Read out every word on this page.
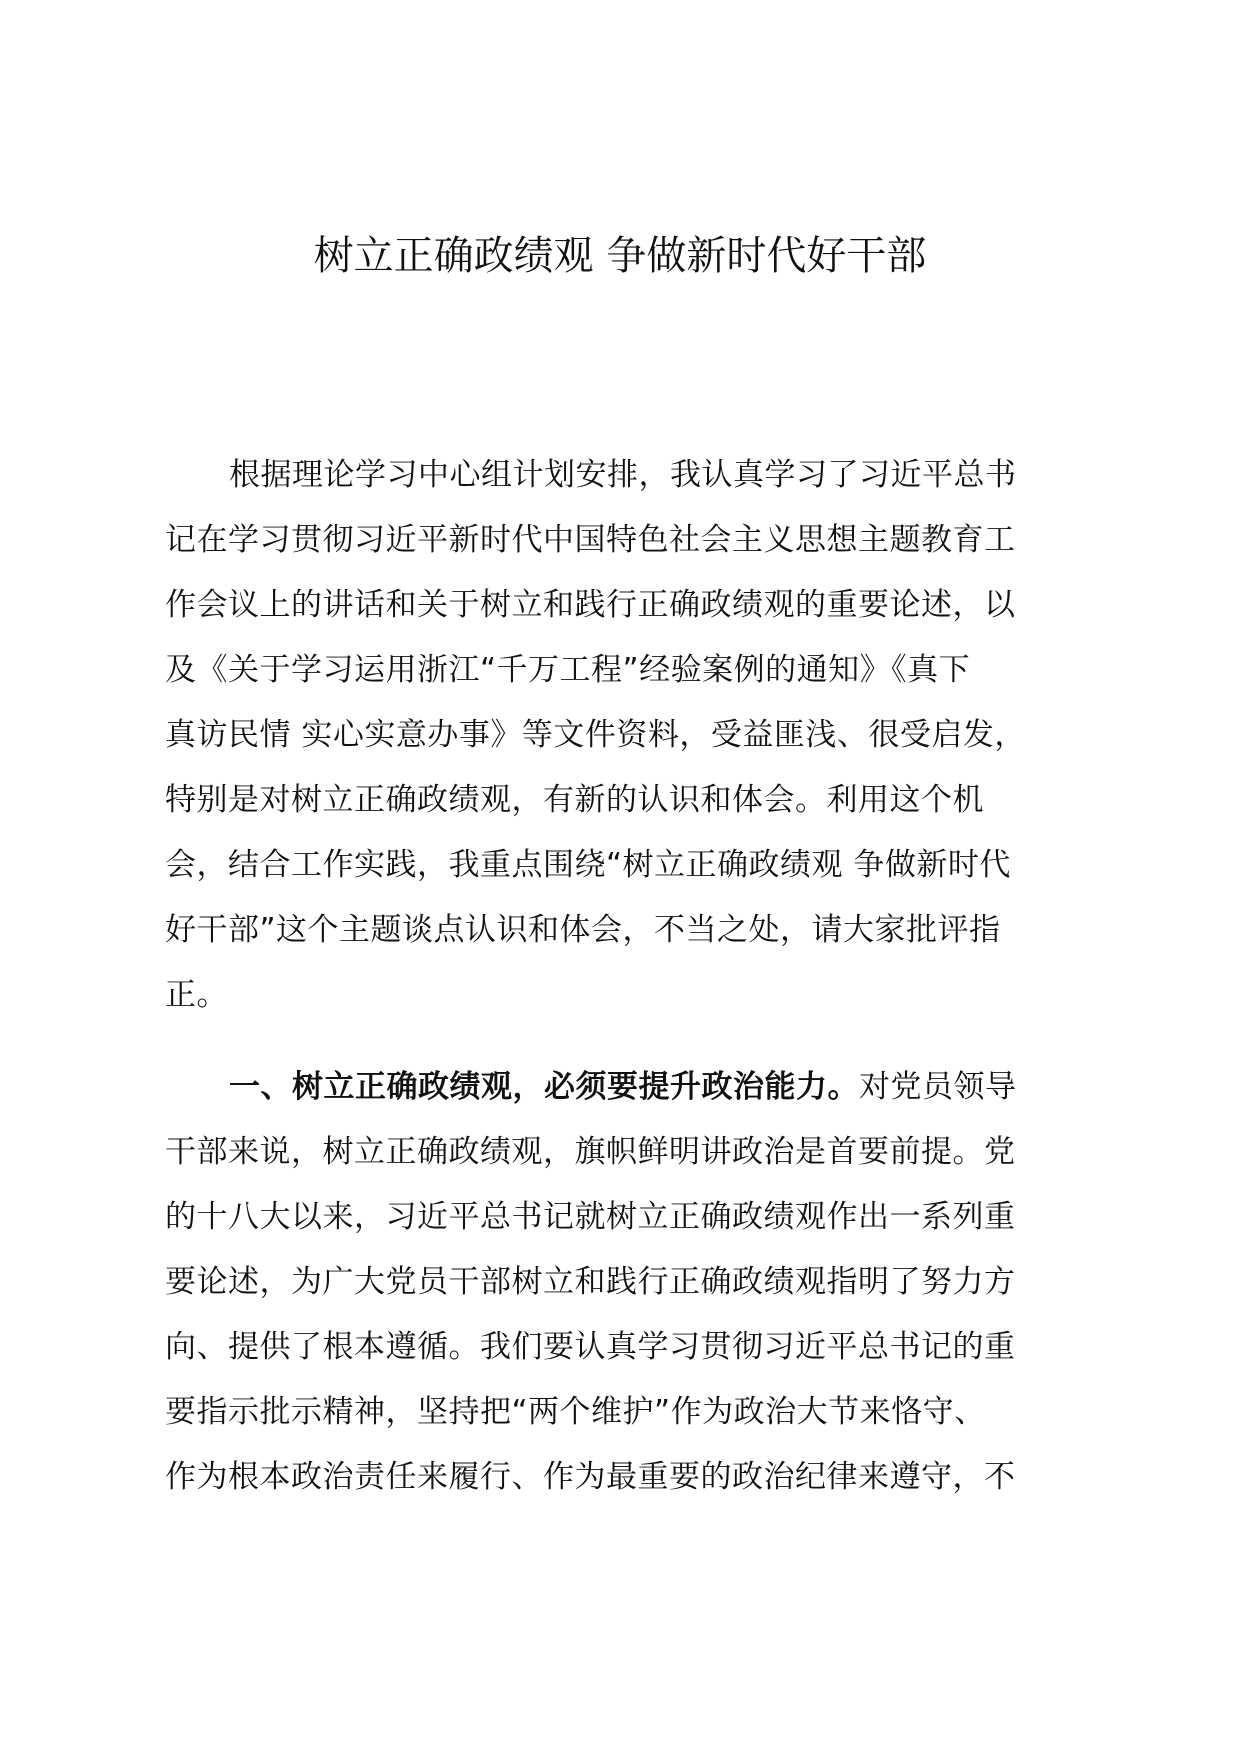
树立正确政绩观 争做新时代好干部
根据理论学习中心组计划安排，我认真学习了习近平总书
记在学习贯彻习近平新时代中国特色社会主义思想主题教育工
作会议上的讲话和关于树立和践行正确政绩观的重要论述，以
及《关于学习运用浙江“千万工程”经验案例的通知》《真下
真访民情 实心实意办事》等文件资料，受益匪浅、很受启发，
特别是对树立正确政绩观，有新的认识和体会。利用这个机
会，结合工作实践，我重点围绕“树立正确政绩观 争做新时代
好干部”这个主题谈点认识和体会，不当之处，请大家批评指
正。
一、树立正确政绩观，必须要提升政治能力。对党员领导
干部来说，树立正确政绩观，旗帜鲜明讲政治是首要前提。党
的十八大以来，习近平总书记就树立正确政绩观作出一系列重
要论述，为广大党员干部树立和践行正确政绩观指明了努力方
向、提供了根本遵循。我们要认真学习贯彻习近平总书记的重
要指示批示精神，坚持把“两个维护”作为政治大节来恪守、
作为根本政治责任来履行、作为最重要的政治纪律来遵守，不
